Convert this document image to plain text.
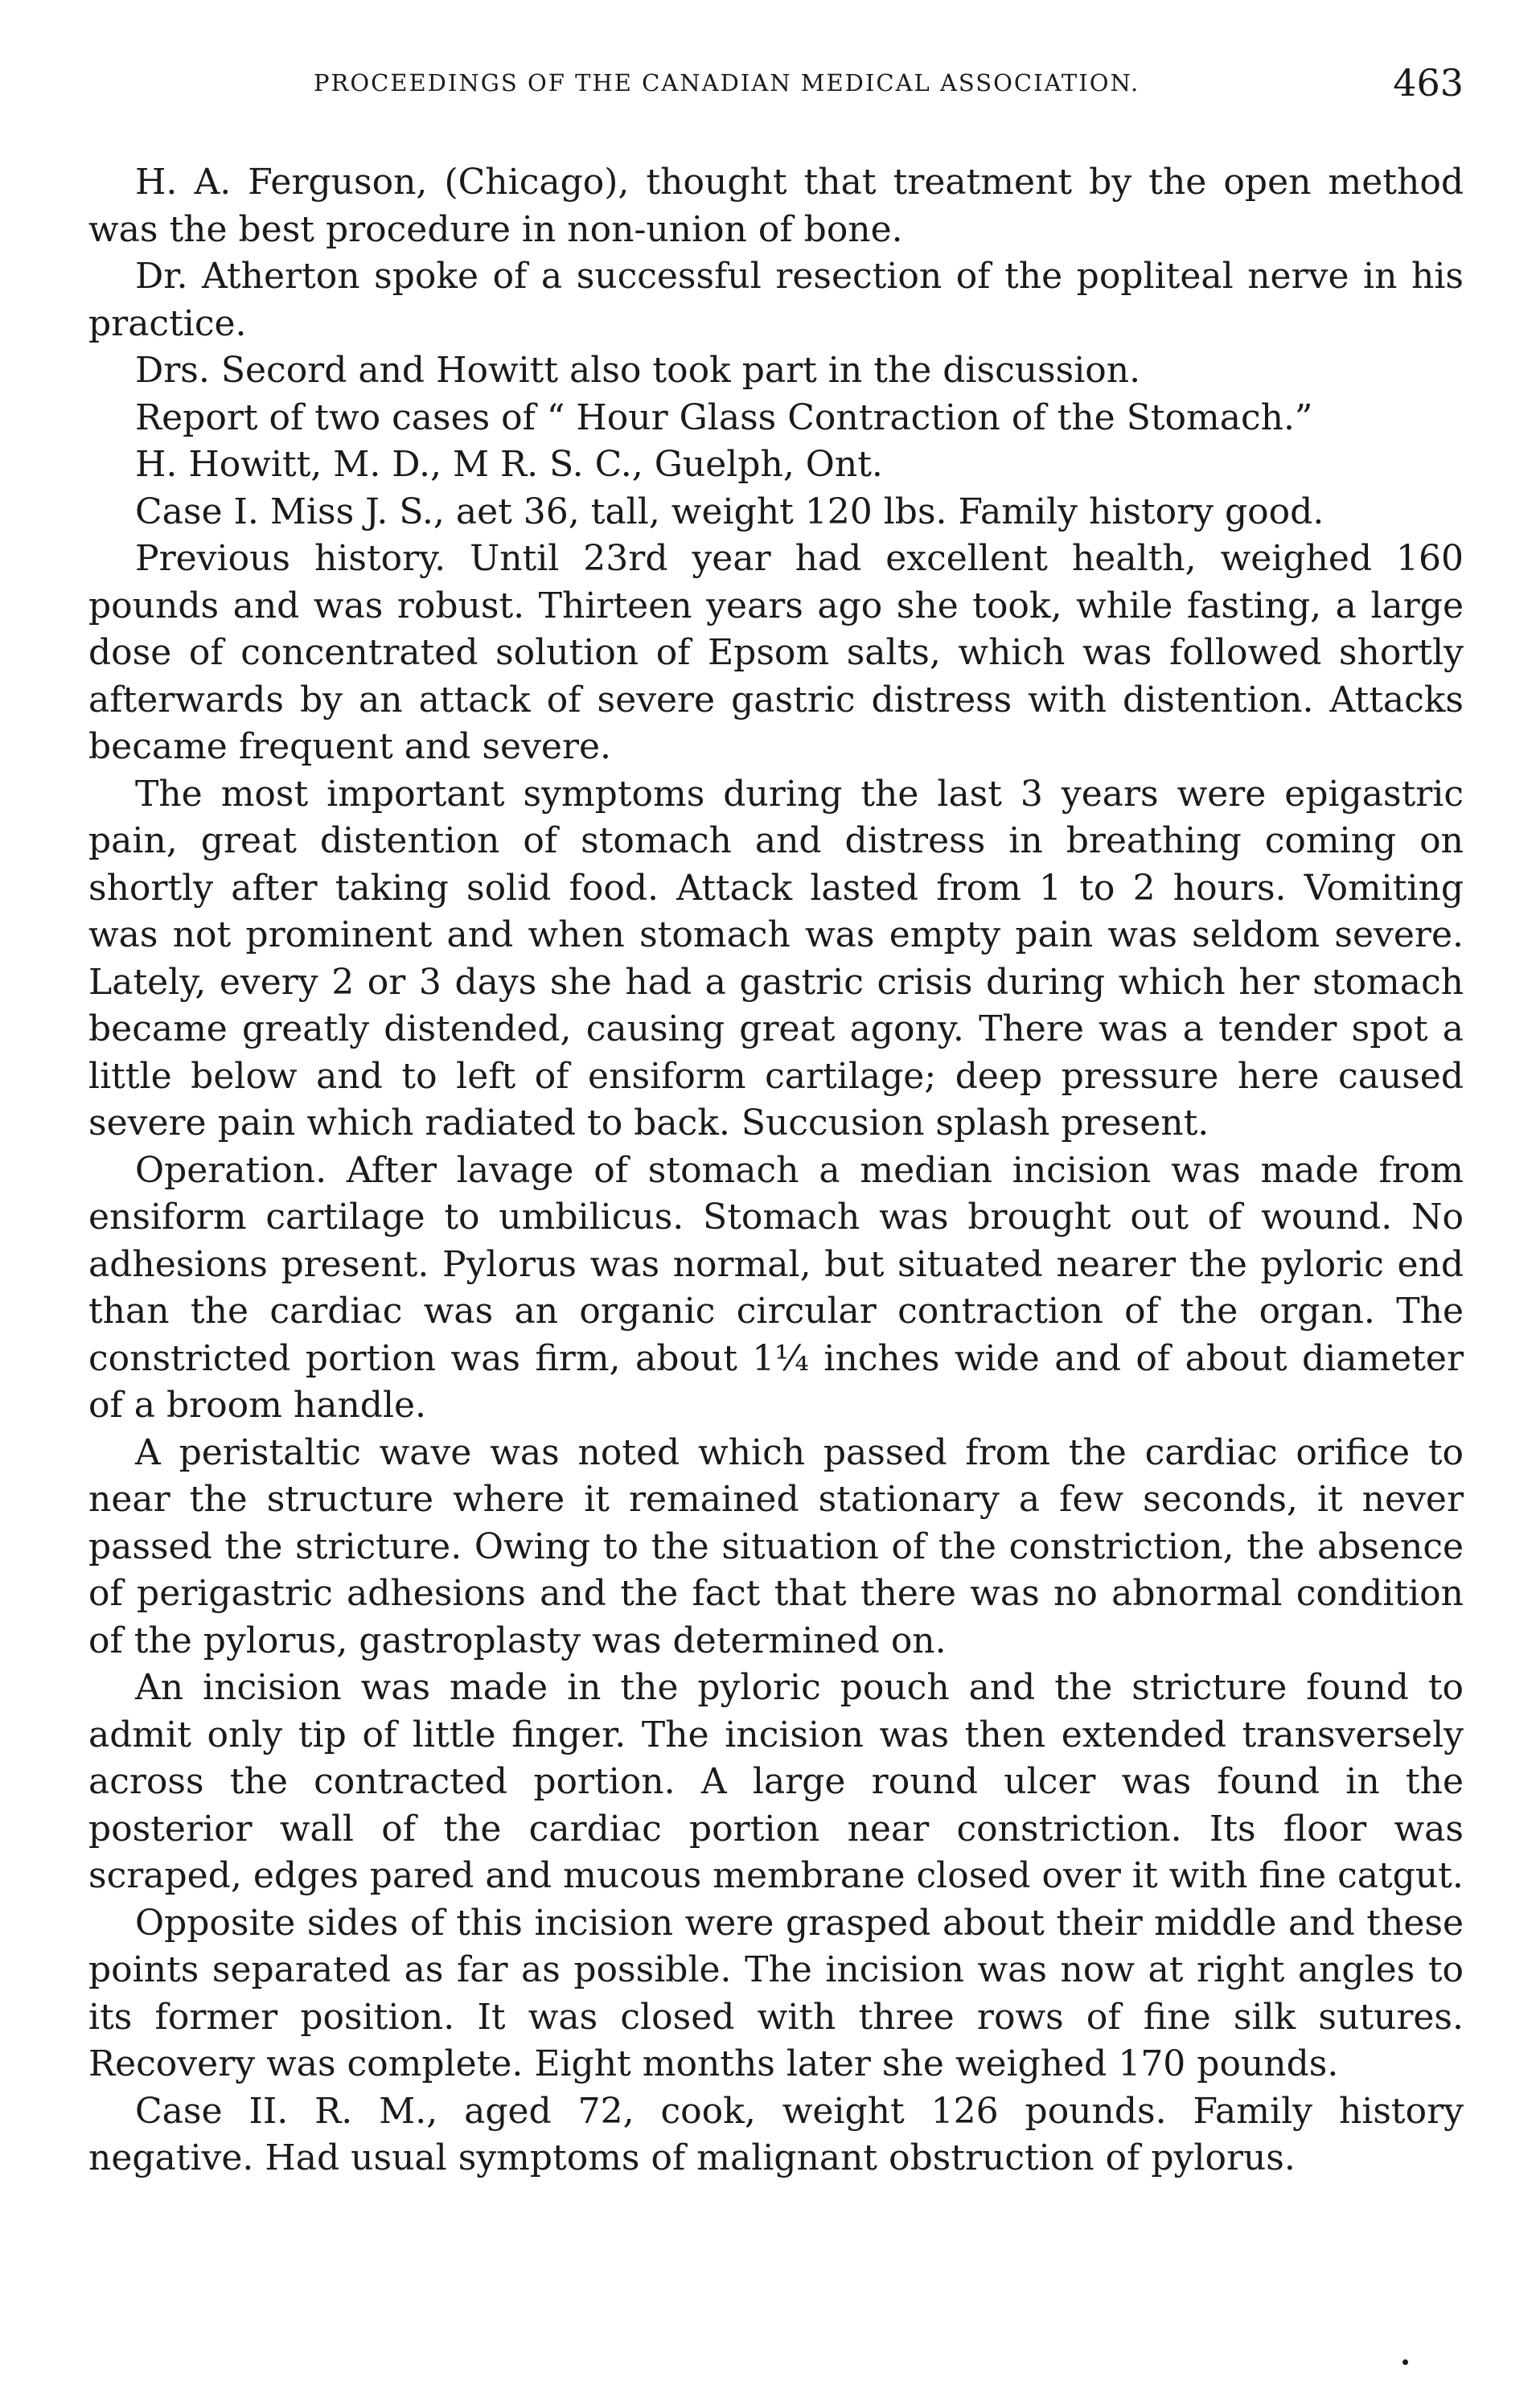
PROCEEDINGS OF THE CANADIAN MEDICAL ASSOCIATION.	463

H. A. Ferguson, (Chicago), thought that treatment by the open method was the best procedure in non-union of bone.

Dr. Atherton spoke of a successful resection of the popliteal nerve in his practice.

Drs. Secord and Howitt also took part in the discussion.

Report of two cases of “ Hour Glass Contraction of the Stomach.”

H. Howitt, M. D., M R. S. C., Guelph, Ont.

Case I. Miss J. S., aet 36, tall, weight 120 lbs. Family history good.

Previous history. Until 23rd year had excellent health, weighed 160 pounds and was robust. Thirteen years ago she took, while fasting, a large dose of concentrated solution of Epsom salts, which was followed shortly afterwards by an attack of severe gastric distress with distention. Attacks became frequent and severe.

The most important symptoms during the last 3 years were epigastric pain, great distention of stomach and distress in breathing coming on shortly after taking solid food. Attack lasted from 1 to 2 hours. Vomiting was not prominent and when stomach was empty pain was seldom severe. Lately, every 2 or 3 days she had a gastric crisis during which her stomach became greatly distended, causing great agony. There was a tender spot a little below and to left of ensiform cartilage; deep pressure here caused severe pain which radiated to back. Succusion splash present.

Operation. After lavage of stomach a median incision was made from ensiform cartilage to umbilicus. Stomach was brought out of wound. No adhesions present. Pylorus was normal, but situated nearer the pyloric end than the cardiac was an organic circular contraction of the organ. The constricted portion was firm, about 1¼ inches wide and of about diameter of a broom handle.

A peristaltic wave was noted which passed from the cardiac orifice to near the structure where it remained stationary a few seconds, it never passed the stricture. Owing to the situation of the constriction, the absence of perigastric adhesions and the fact that there was no abnormal condition of the pylorus, gastroplasty was determined on.

An incision was made in the pyloric pouch and the stricture found to admit only tip of little finger. The incision was then extended transversely across the contracted portion. A large round ulcer was found in the posterior wall of the cardiac portion near constriction. Its floor was scraped, edges pared and mucous membrane closed over it with fine catgut.

Opposite sides of this incision were grasped about their middle and these points separated as far as possible. The incision was now at right angles to its former position. It was closed with three rows of fine silk sutures. Recovery was complete. Eight months later she weighed 170 pounds.

Case II. R. M., aged 72, cook, weight 126 pounds. Family history negative. Had usual symptoms of malignant obstruction of pylorus.
